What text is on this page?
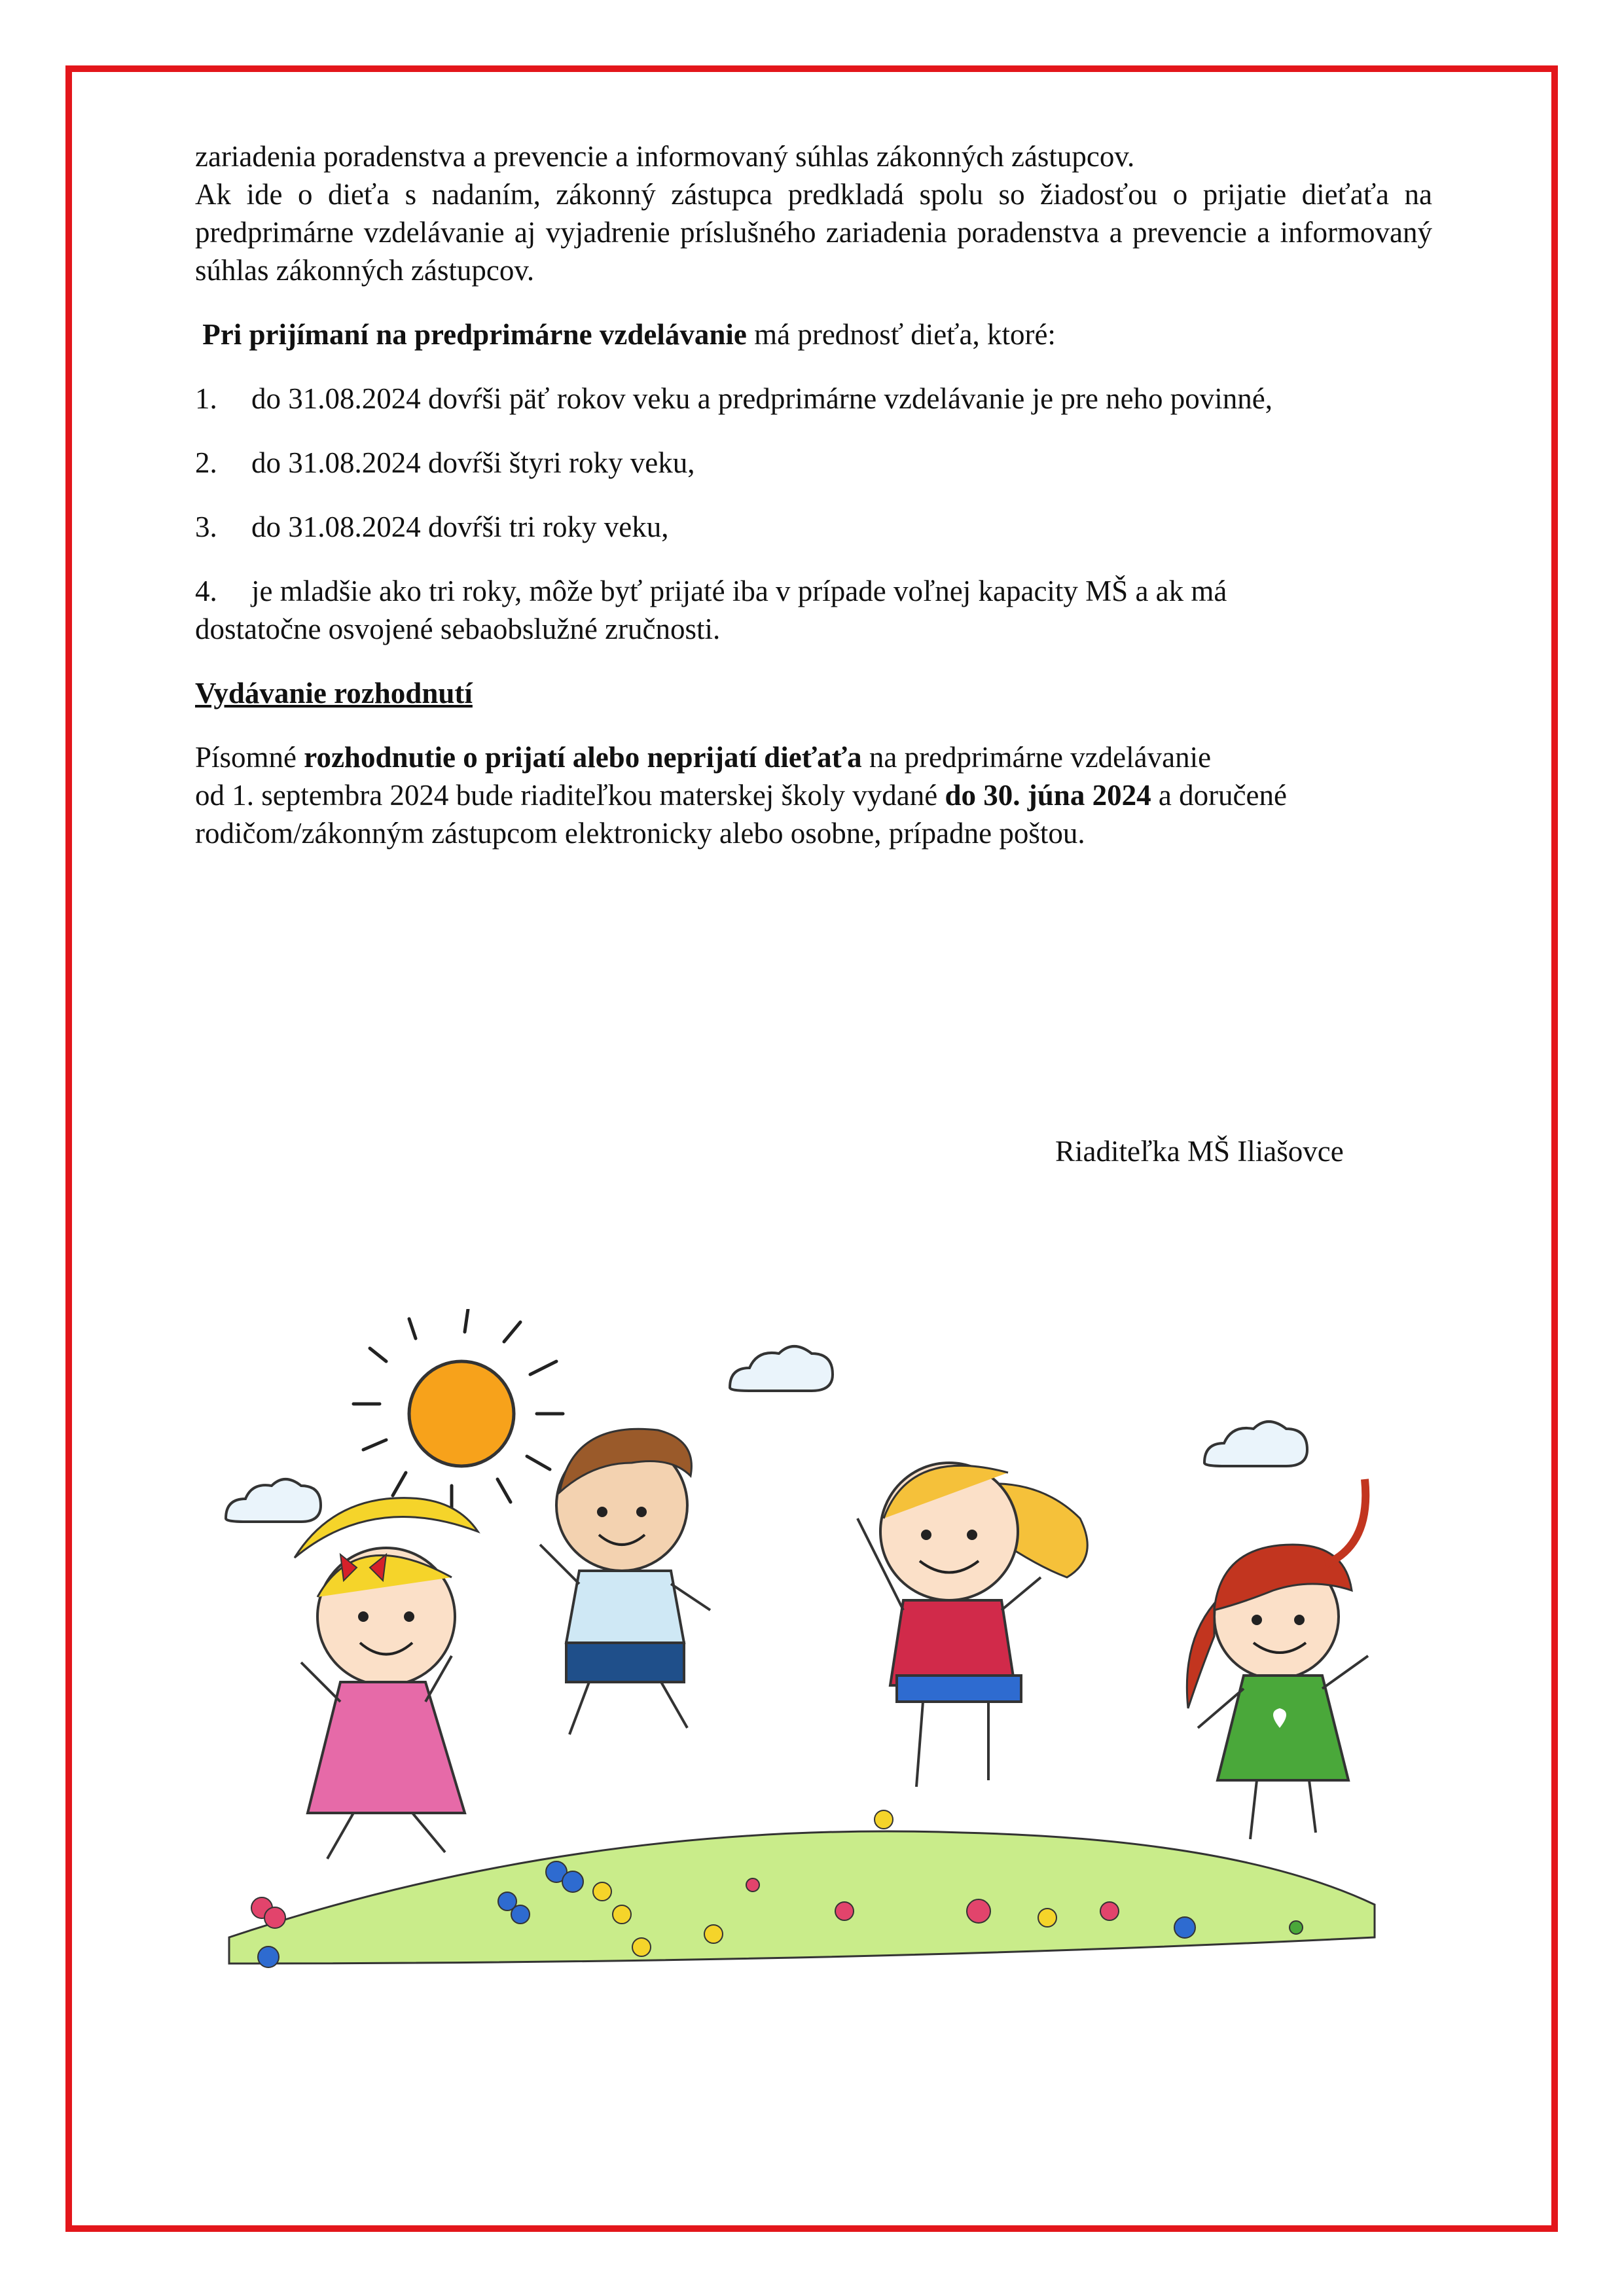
zariadenia poradenstva a prevencie a informovaný súhlas zákonných zástupcov.

Ak ide o dieťa s nadaním, zákonný zástupca predkladá spolu so žiadosťou o prijatie dieťaťa na predprimárne vzdelávanie aj vyjadrenie príslušného zariadenia poradenstva a prevencie a informovaný súhlas zákonných zástupcov.

Pri prijímaní na predprimárne vzdelávanie má prednosť dieťa, ktoré:

1.	do 31.08.2024 dovŕši päť rokov veku a predprimárne vzdelávanie je pre neho povinné,
2.	do 31.08.2024 dovŕši štyri roky veku,
3.	do 31.08.2024 dovŕši tri roky veku,

4. je mladšie ako tri roky, môže byť prijaté iba v prípade voľnej kapacity MŠ a ak má
dostatočne osvojené sebaobslužné zručnosti.

Vydávanie rozhodnutí

Písomné rozhodnutie o prijatí alebo neprijatí dieťaťa na predprimárne vzdelávanie
od 1. septembra 2024 bude riaditeľkou materskej školy vydané do 30. júna 2024 a doručené
rodičom/zákonným zástupcom elektronicky alebo osobne, prípadne poštou.

Riaditeľka MŠ Iliašovce
